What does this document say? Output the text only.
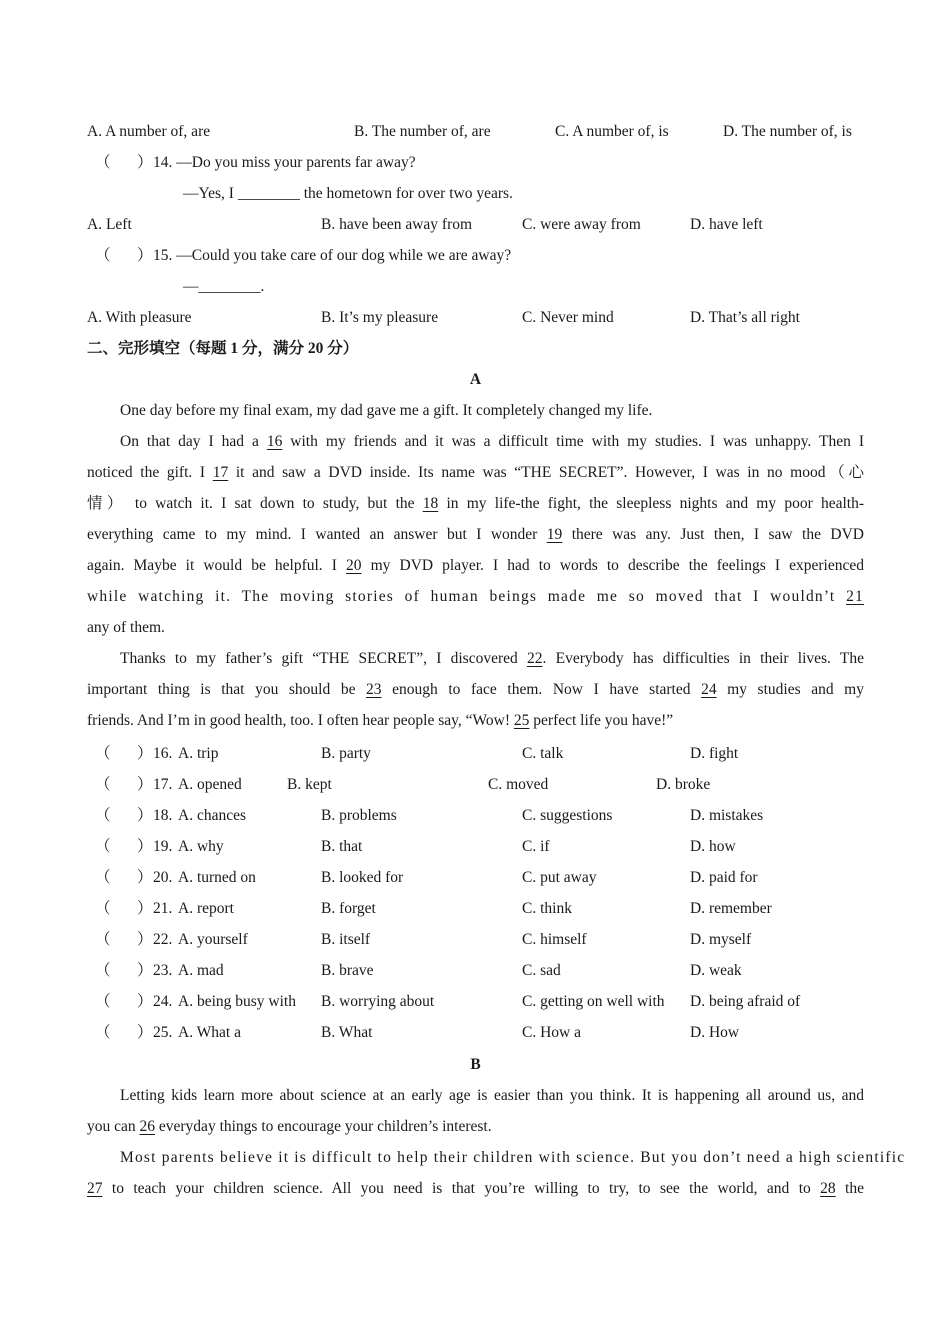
A. A number of, are	B. The number of, are	C. A number of, is	D. The number of, is
（ ） 14. —Do you miss your parents far away?
—Yes, I ________ the hometown for over two years.
A. Left	B. have been away from	C. were away from	D. have left
（ ） 15. —Could you take care of our dog while we are away?
—________.
A. With pleasure	B. It’s my pleasure	C. Never mind	D. That’s all right
二、完形填空（每题 1 分，满分 20 分）
A
One day before my final exam, my dad gave me a gift. It completely changed my life.
On that day I had a 16 with my friends and it was a difficult time with my studies. I was unhappy. Then I
noticed the gift. I 17 it and saw a DVD inside. Its name was “THE SECRET”. However, I was in no mood（心
情） to watch it. I sat down to study, but the 18 in my life-the fight, the sleepless nights and my poor health-
everything came to my mind. I wanted an answer but I wonder 19 there was any. Just then, I saw the DVD
again. Maybe it would be helpful. I 20 my DVD player. I had to words to describe the feelings I experienced
while watching it. The moving stories of human beings made me so moved that I wouldn’t 21
any of them.
Thanks to my father’s gift “THE SECRET”, I discovered 22. Everybody has difficulties in their lives. The
important thing is that you should be 23 enough to face them. Now I have started 24 my studies and my
friends. And I’m in good health, too. I often hear people say, “Wow! 25 perfect life you have!”
（ ） 16. A. trip	B. party	C. talk	D. fight
（ ） 17. A. opened	B. kept	C. moved	D. broke
（ ） 18. A. chances	B. problems	C. suggestions	D. mistakes
（ ） 19. A. why	B. that	C. if	D. how
（ ） 20. A. turned on	B. looked for	C. put away	D. paid for
（ ） 21. A. report	B. forget	C. think	D. remember
（ ） 22. A. yourself	B. itself	C. himself	D. myself
（ ） 23. A. mad	B. brave	C. sad	D. weak
（ ） 24. A. being busy with B. worrying about	C. getting on well with D. being afraid of
（ ） 25. A. What a	B. What	C. How a	D. How
B
Letting kids learn more about science at an early age is easier than you think. It is happening all around us, and
you can 26 everyday things to encourage your children’s interest.
Most parents believe it is difficult to help their children with science. But you don’t need a high scientific
27 to teach your children science. All you need is that you’re willing to try, to see the world, and to 28 the
